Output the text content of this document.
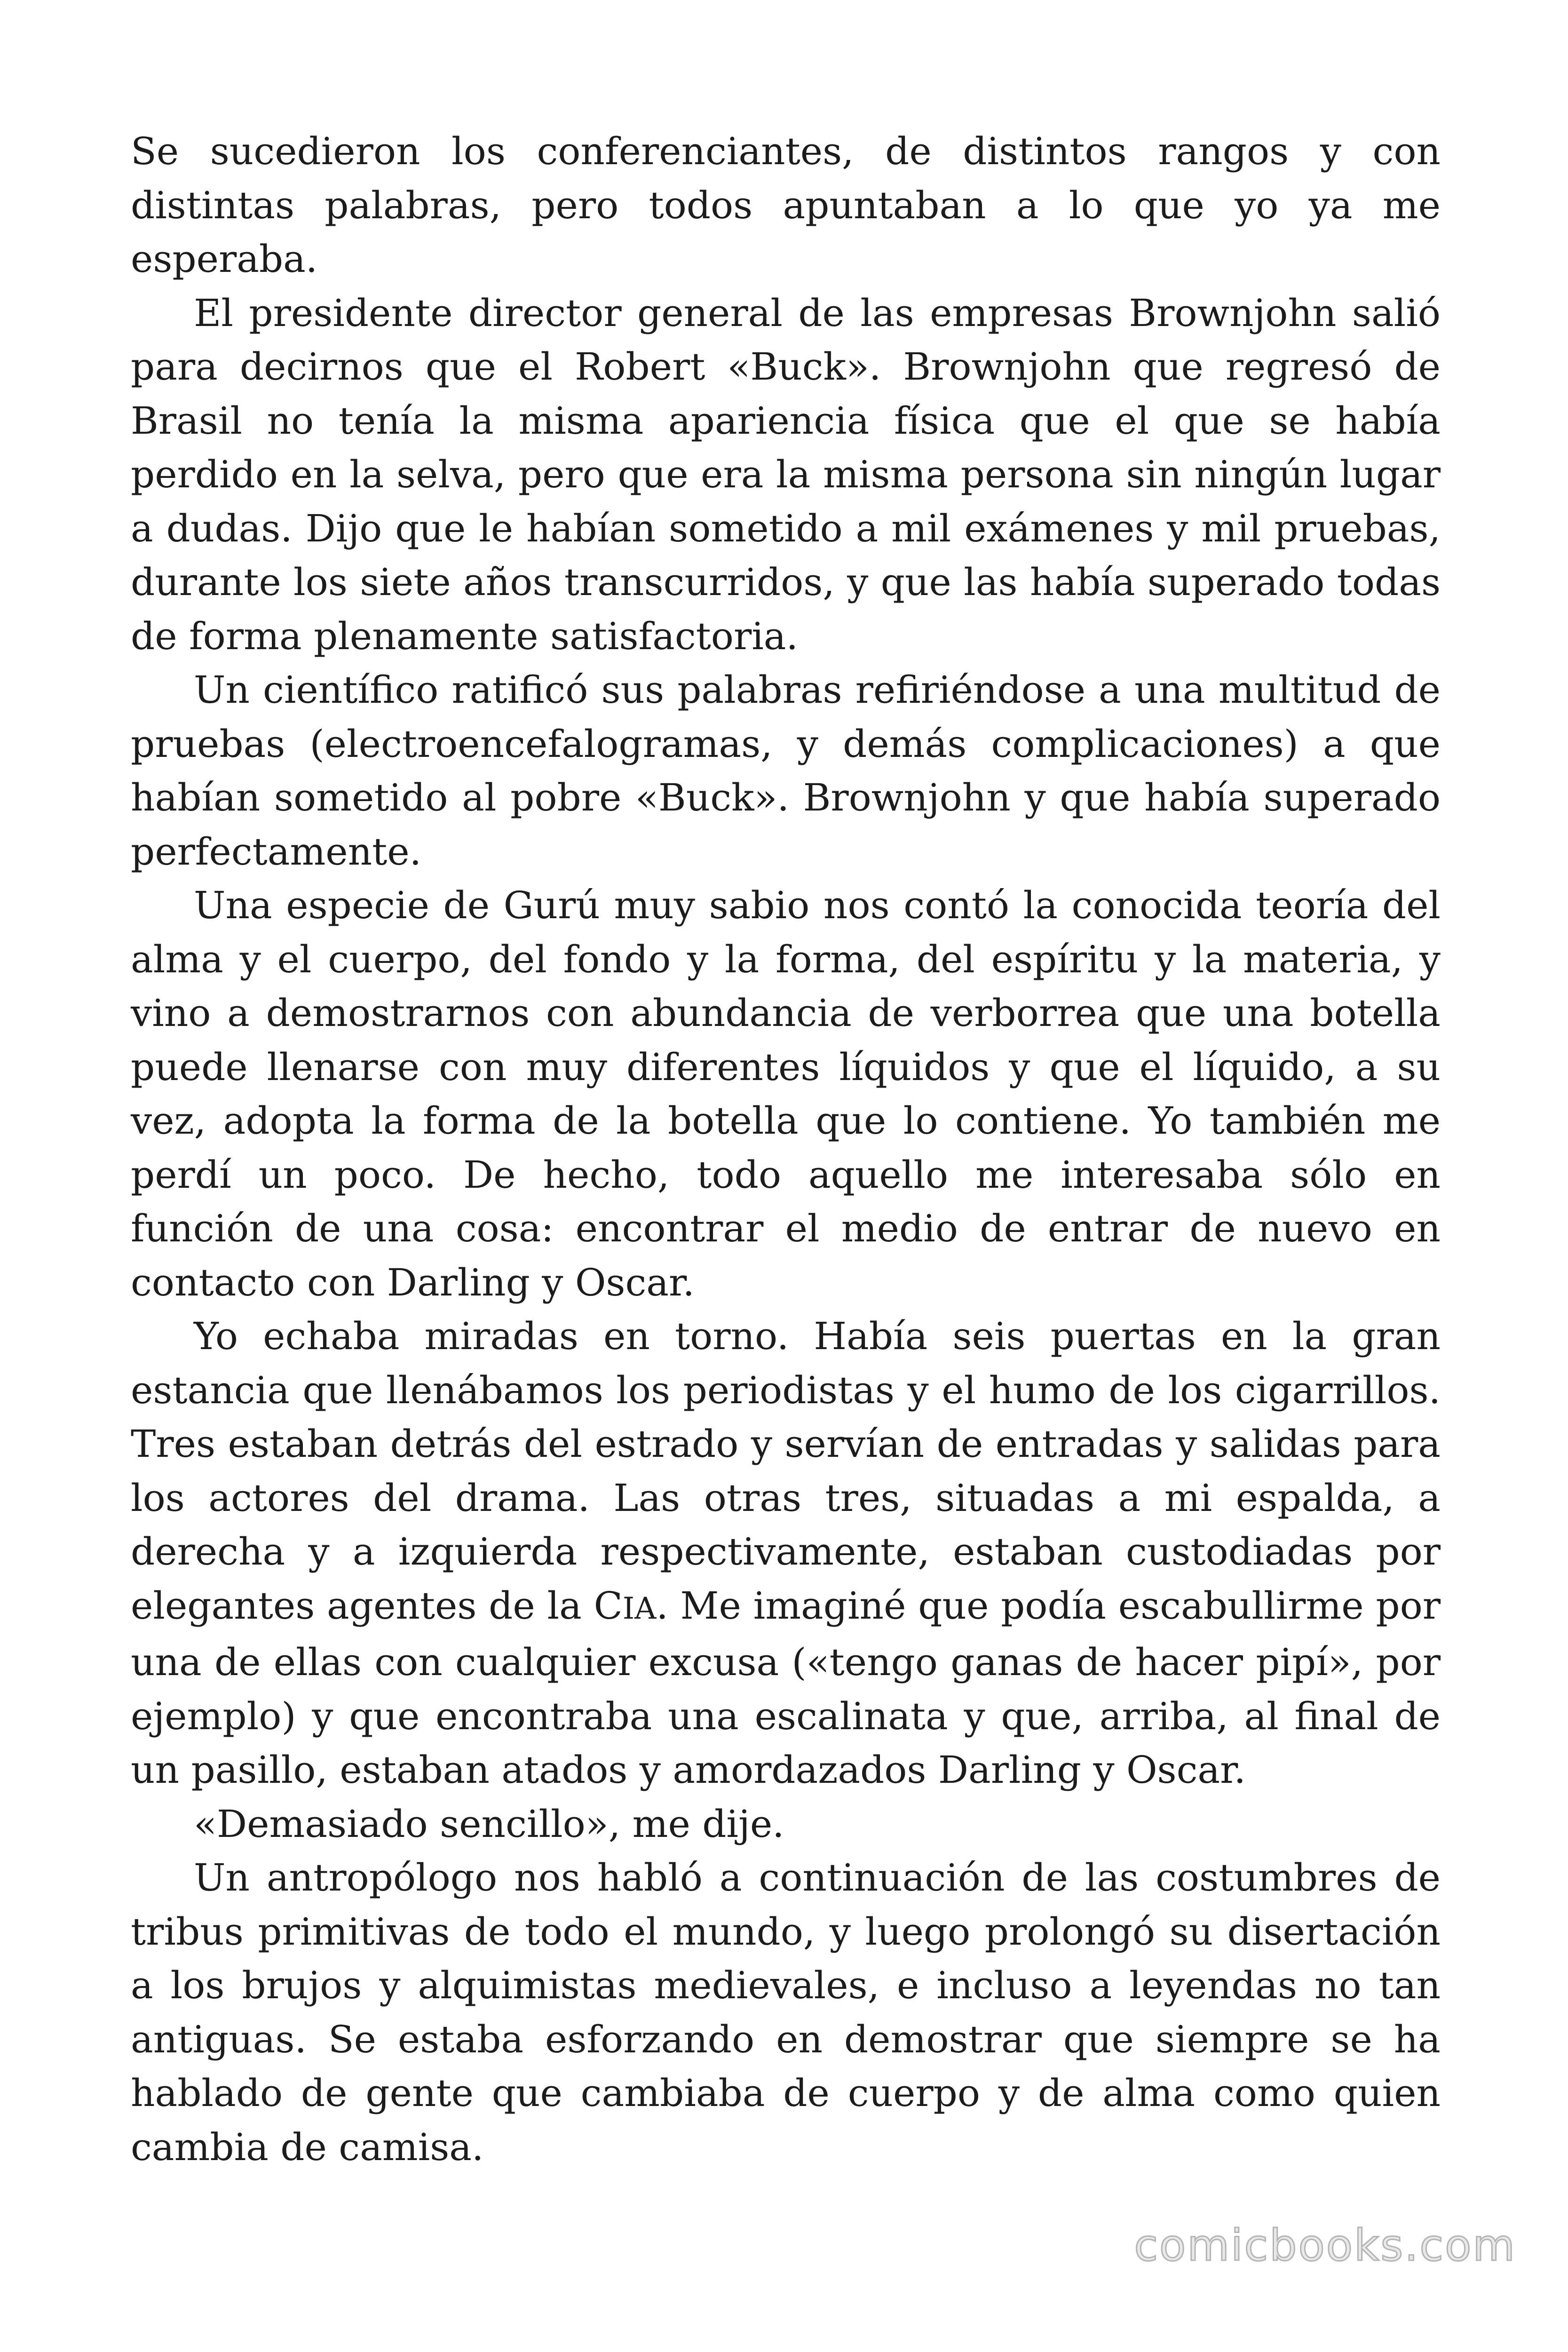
Se sucedieron los conferenciantes, de distintos rangos y con distintas palabras, pero todos apuntaban a lo que yo ya me esperaba.

El presidente director general de las empresas Brownjohn salió para decirnos que el Robert «Buck». Brownjohn que regresó de Brasil no tenía la misma apariencia física que el que se había perdido en la selva, pero que era la misma persona sin ningún lugar a dudas. Dijo que le habían sometido a mil exámenes y mil pruebas, durante los siete años transcurridos, y que las había superado todas de forma plenamente satisfactoria.

Un científico ratificó sus palabras refiriéndose a una multitud de pruebas (electroencefalogramas, y demás complicaciones) a que habían sometido al pobre «Buck». Brownjohn y que había superado perfectamente.

Una especie de Gurú muy sabio nos contó la conocida teoría del alma y el cuerpo, del fondo y la forma, del espíritu y la materia, y vino a demostrarnos con abundancia de verborrea que una botella puede llenarse con muy diferentes líquidos y que el líquido, a su vez, adopta la forma de la botella que lo contiene. Yo también me perdí un poco. De hecho, todo aquello me interesaba sólo en función de una cosa: encontrar el medio de entrar de nuevo en contacto con Darling y Oscar.

Yo echaba miradas en torno. Había seis puertas en la gran estancia que llenábamos los periodistas y el humo de los cigarrillos. Tres estaban detrás del estrado y servían de entradas y salidas para los actores del drama. Las otras tres, situadas a mi espalda, a derecha y a izquierda respectivamente, estaban custodiadas por elegantes agentes de la CIA. Me imaginé que podía escabullirme por una de ellas con cualquier excusa («tengo ganas de hacer pipí», por ejemplo) y que encontraba una escalinata y que, arriba, al final de un pasillo, estaban atados y amordazados Darling y Oscar.

«Demasiado sencillo», me dije.

Un antropólogo nos habló a continuación de las costumbres de tribus primitivas de todo el mundo, y luego prolongó su disertación a los brujos y alquimistas medievales, e incluso a leyendas no tan antiguas. Se estaba esforzando en demostrar que siempre se ha hablado de gente que cambiaba de cuerpo y de alma como quien cambia de camisa.

comicbooks.com
